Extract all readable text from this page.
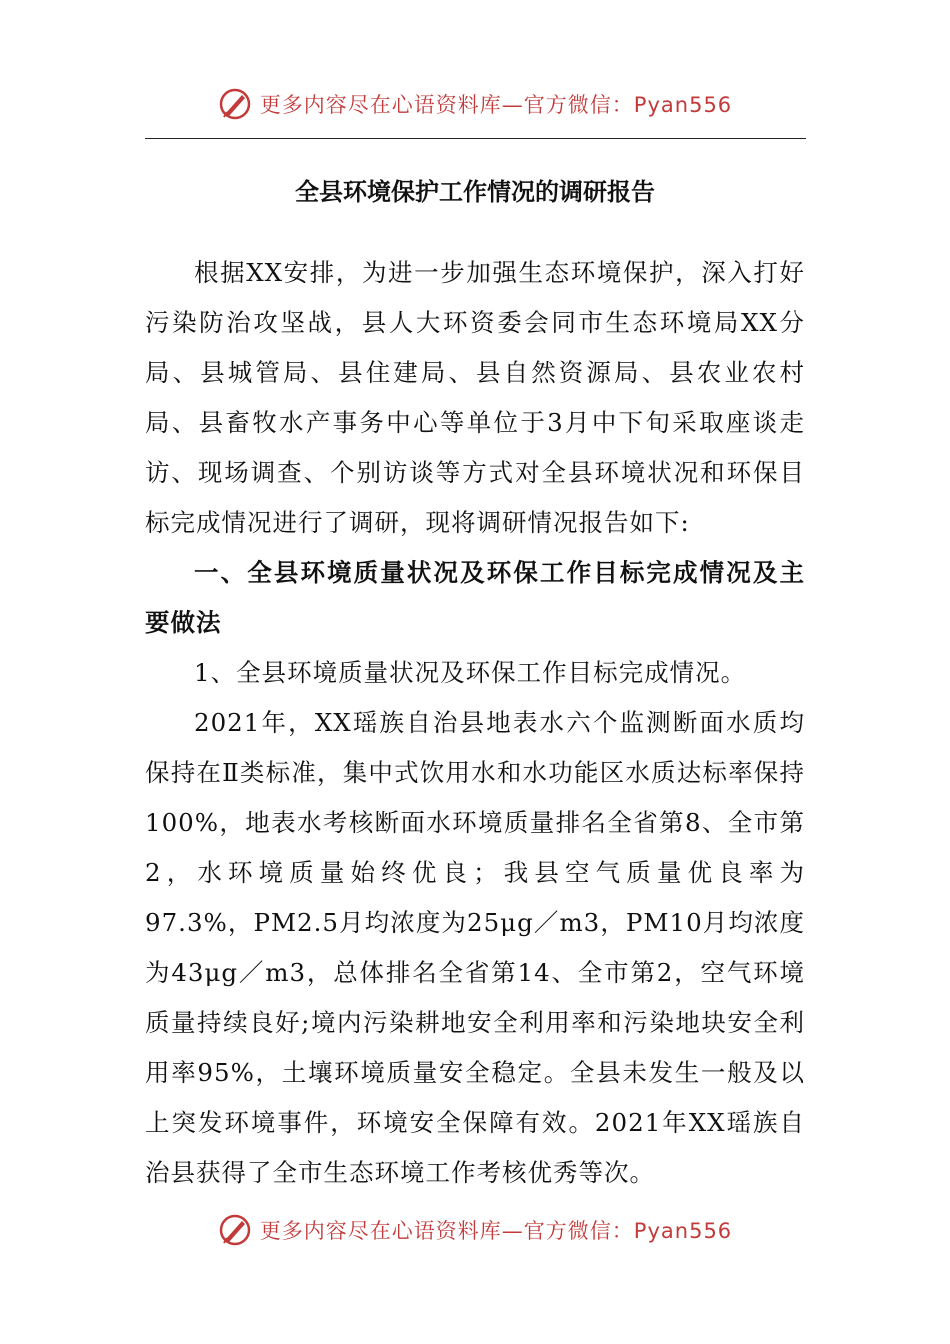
更多内容尽在心语资料库—官方微信：Pyan556
全县环境保护工作情况的调研报告

根据XX安排，为进一步加强生态环境保护，深入打好污染防治攻坚战，县人大环资委会同市生态环境局XX分局、县城管局、县住建局、县自然资源局、县农业农村局、县畜牧水产事务中心等单位于3月中下旬采取座谈走访、现场调查、个别访谈等方式对全县环境状况和环保目标完成情况进行了调研，现将调研情况报告如下:

一、全县环境质量状况及环保工作目标完成情况及主要做法

1、全县环境质量状况及环保工作目标完成情况。

2021年，XX瑶族自治县地表水六个监测断面水质均保持在Ⅱ类标准，集中式饮用水和水功能区水质达标率保持100%，地表水考核断面水环境质量排名全省第8、全市第2，水环境质量始终优良；我县空气质量优良率为97.3%，PM2.5月均浓度为25μg／m3，PM10月均浓度为43μg／m3，总体排名全省第14、全市第2，空气环境质量持续良好;境内污染耕地安全利用率和污染地块安全利用率95%，土壤环境质量安全稳定。全县未发生一般及以上突发环境事件，环境安全保障有效。2021年XX瑶族自治县获得了全市生态环境工作考核优秀等次。

更多内容尽在心语资料库—官方微信：Pyan556
